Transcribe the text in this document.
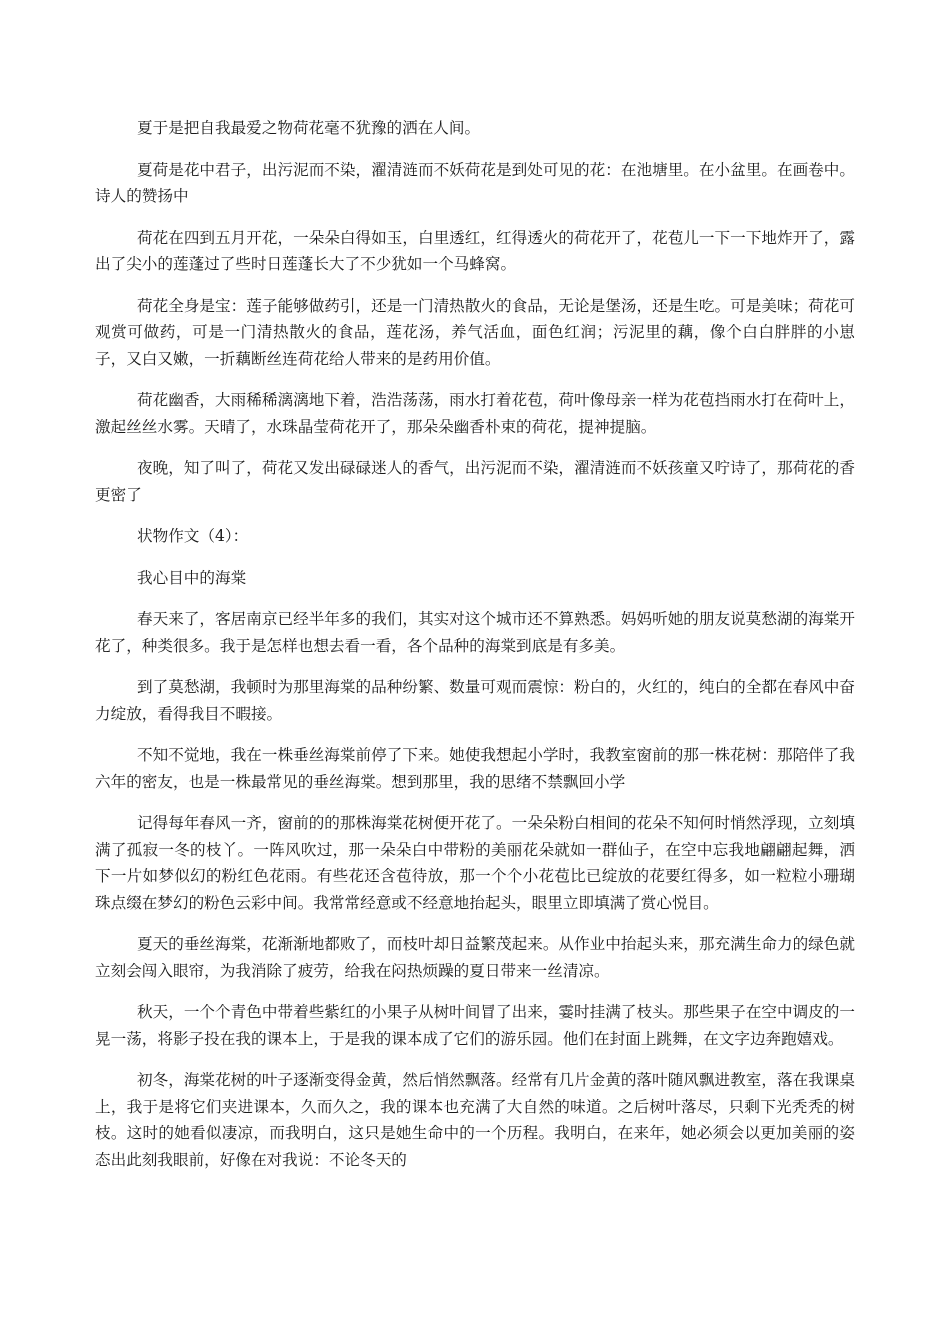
夏于是把自我最爱之物荷花毫不犹豫的洒在人间。

夏荷是花中君子，出污泥而不染，濯清涟而不妖荷花是到处可见的花：在池塘里。在小盆里。在画卷中。诗人的赞扬中

荷花在四到五月开花，一朵朵白得如玉，白里透红，红得透火的荷花开了，花苞儿一下一下地炸开了，露出了尖小的莲蓬过了些时日莲蓬长大了不少犹如一个马蜂窝。

荷花全身是宝：莲子能够做药引，还是一门清热散火的食品，无论是堡汤，还是生吃。可是美味；荷花可观赏可做药，可是一门清热散火的食品，莲花汤，养气活血，面色红润；污泥里的藕，像个白白胖胖的小崽子，又白又嫩，一折藕断丝连荷花给人带来的是药用价值。

荷花幽香，大雨稀稀漓漓地下着，浩浩荡荡，雨水打着花苞，荷叶像母亲一样为花苞挡雨水打在荷叶上，激起丝丝水雾。天晴了，水珠晶莹荷花开了，那朵朵幽香朴束的荷花，提神提脑。

夜晚，知了叫了，荷花又发出碌碌迷人的香气，出污泥而不染，濯清涟而不妖孩童又咛诗了，那荷花的香更密了

状物作文（4）：

我心目中的海棠

春天来了，客居南京已经半年多的我们，其实对这个城市还不算熟悉。妈妈听她的朋友说莫愁湖的海棠开花了，种类很多。我于是怎样也想去看一看，各个品种的海棠到底是有多美。

到了莫愁湖，我顿时为那里海棠的品种纷繁、数量可观而震惊：粉白的，火红的，纯白的全都在春风中奋力绽放，看得我目不暇接。

不知不觉地，我在一株垂丝海棠前停了下来。她使我想起小学时，我教室窗前的那一株花树：那陪伴了我六年的密友，也是一株最常见的垂丝海棠。想到那里，我的思绪不禁飘回小学

记得每年春风一齐，窗前的的那株海棠花树便开花了。一朵朵粉白相间的花朵不知何时悄然浮现，立刻填满了孤寂一冬的枝丫。一阵风吹过，那一朵朵白中带粉的美丽花朵就如一群仙子，在空中忘我地翩翩起舞，洒下一片如梦似幻的粉红色花雨。有些花还含苞待放，那一个个小花苞比已绽放的花要红得多，如一粒粒小珊瑚珠点缀在梦幻的粉色云彩中间。我常常经意或不经意地抬起头，眼里立即填满了赏心悦目。

夏天的垂丝海棠，花渐渐地都败了，而枝叶却日益繁茂起来。从作业中抬起头来，那充满生命力的绿色就立刻会闯入眼帘，为我消除了疲劳，给我在闷热烦躁的夏日带来一丝清凉。

秋天，一个个青色中带着些紫红的小果子从树叶间冒了出来，霎时挂满了枝头。那些果子在空中调皮的一晃一荡，将影子投在我的课本上，于是我的课本成了它们的游乐园。他们在封面上跳舞，在文字边奔跑嬉戏。

初冬，海棠花树的叶子逐渐变得金黄，然后悄然飘落。经常有几片金黄的落叶随风飘进教室，落在我课桌上，我于是将它们夹进课本，久而久之，我的课本也充满了大自然的味道。之后树叶落尽，只剩下光秃秃的树枝。这时的她看似凄凉，而我明白，这只是她生命中的一个历程。我明白，在来年，她必须会以更加美丽的姿态出此刻我眼前，好像在对我说：不论冬天的
